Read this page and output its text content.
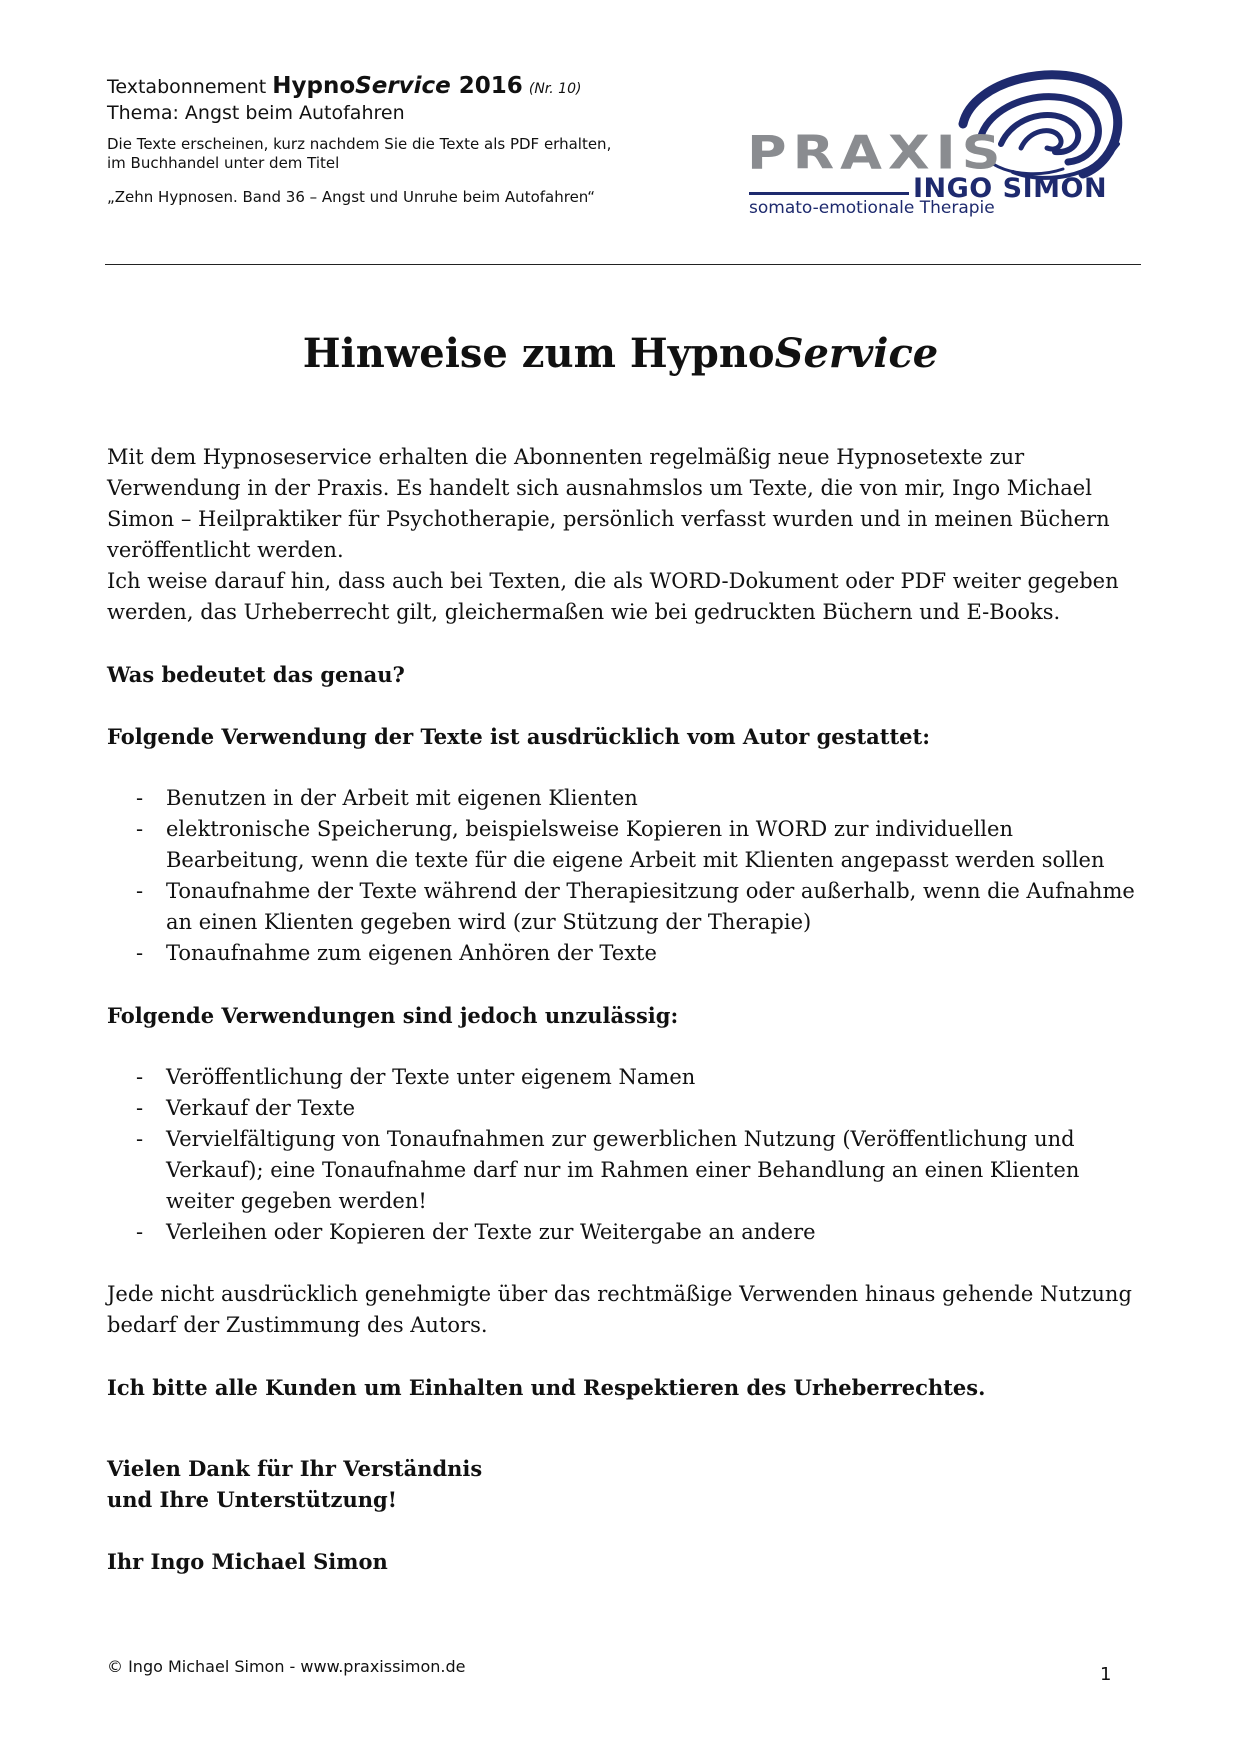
Textabonnement HypnoService 2016 (Nr. 10)
Thema: Angst beim Autofahren
Die Texte erscheinen, kurz nachdem Sie die Texte als PDF erhalten,
im Buchhandel unter dem Titel
„Zehn Hypnosen. Band 36 – Angst und Unruhe beim Autofahren“
PRAXIS
INGO SIMON
somato-emotionale Therapie
Hinweise zum HypnoService

Mit dem Hypnoseservice erhalten die Abonnenten regelmäßig neue Hypnosetexte zur Verwendung in der Praxis. Es handelt sich ausnahmslos um Texte, die von mir, Ingo Michael Simon – Heilpraktiker für Psychotherapie, persönlich verfasst wurden und in meinen Büchern veröffentlicht werden.

Ich weise darauf hin, dass auch bei Texten, die als WORD-Dokument oder PDF weiter gegeben werden, das Urheberrecht gilt, gleichermaßen wie bei gedruckten Büchern und E-Books.

Was bedeutet das genau?

Folgende Verwendung der Texte ist ausdrücklich vom Autor gestattet:

- Benutzen in der Arbeit mit eigenen Klienten
- elektronische Speicherung, beispielsweise Kopieren in WORD zur individuellen Bearbeitung, wenn die texte für die eigene Arbeit mit Klienten angepasst werden sollen
- Tonaufnahme der Texte während der Therapiesitzung oder außerhalb, wenn die Aufnahme an einen Klienten gegeben wird (zur Stützung der Therapie)
- Tonaufnahme zum eigenen Anhören der Texte

Folgende Verwendungen sind jedoch unzulässig:

- Veröffentlichung der Texte unter eigenem Namen
- Verkauf der Texte
- Vervielfältigung von Tonaufnahmen zur gewerblichen Nutzung (Veröffentlichung und Verkauf); eine Tonaufnahme darf nur im Rahmen einer Behandlung an einen Klienten weiter gegeben werden!
- Verleihen oder Kopieren der Texte zur Weitergabe an andere

Jede nicht ausdrücklich genehmigte über das rechtmäßige Verwenden hinaus gehende Nutzung bedarf der Zustimmung des Autors.

Ich bitte alle Kunden um Einhalten und Respektieren des Urheberrechtes.

Vielen Dank für Ihr Verständnis

und Ihre Unterstützung!

Ihr Ingo Michael Simon

© Ingo Michael Simon - www.praxissimon.de	1
